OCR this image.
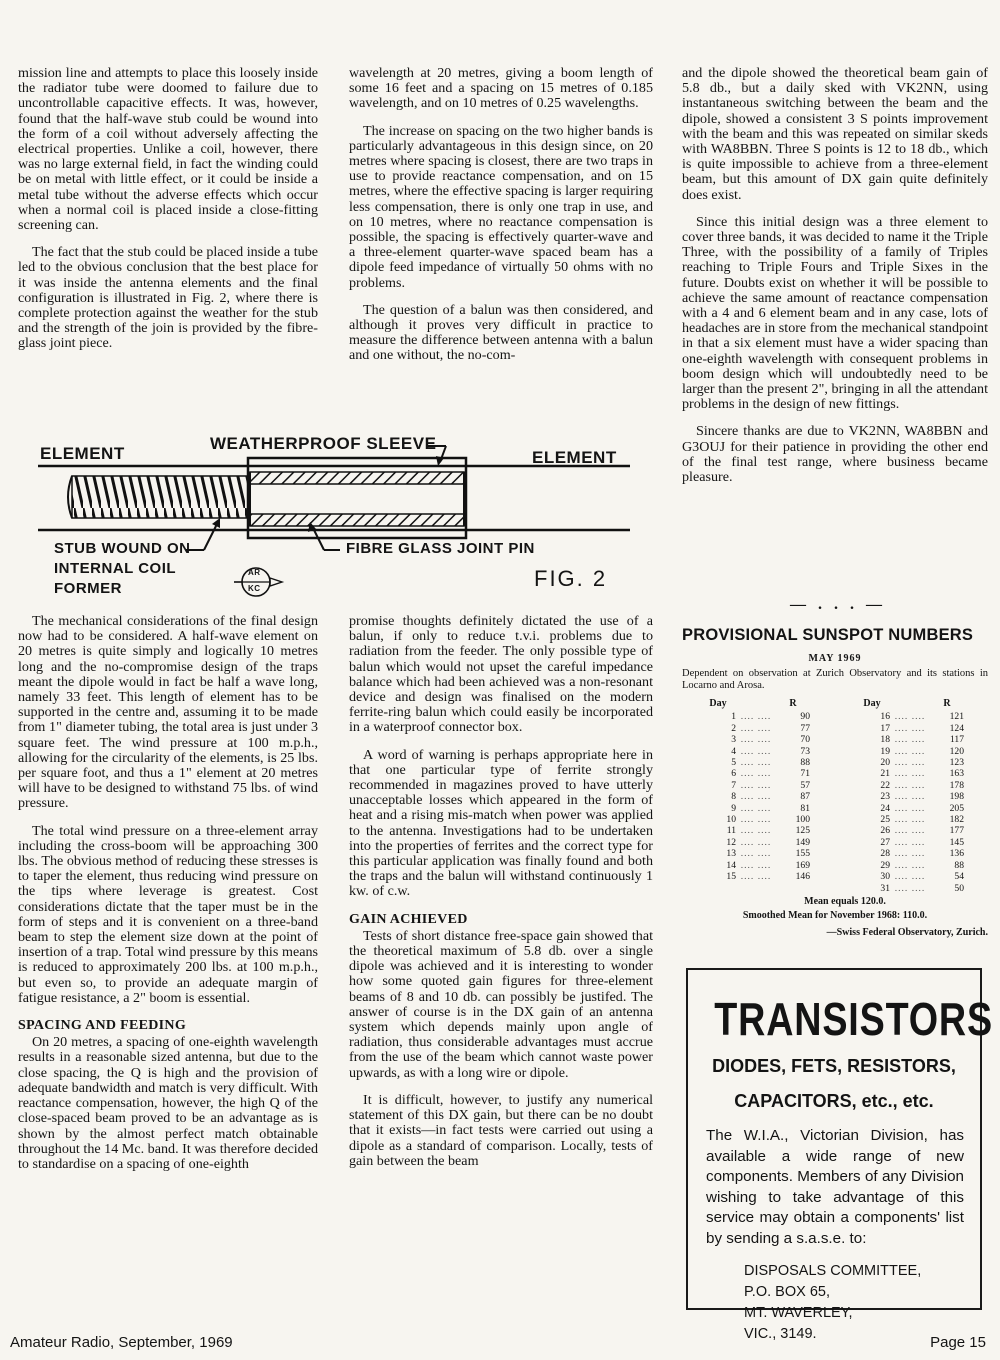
mission line and attempts to place this loosely inside the radiator tube were doomed to failure due to uncontrollable capacitive effects. It was, however, found that the half-wave stub could be wound into the form of a coil without adversely affecting the electrical properties. Unlike a coil, however, there was no large external field, in fact the winding could be on metal with little effect, or it could be inside a metal tube without the adverse effects which occur when a normal coil is placed inside a close-fitting screening can.

The fact that the stub could be placed inside a tube led to the obvious conclusion that the best place for it was inside the antenna elements and the final configuration is illustrated in Fig. 2, where there is complete protection against the weather for the stub and the strength of the join is provided by the fibre-glass joint piece.

wavelength at 20 metres, giving a boom length of some 16 feet and a spacing on 15 metres of 0.185 wavelength, and on 10 metres of 0.25 wavelengths.

The increase on spacing on the two higher bands is particularly advantageous in this design since, on 20 metres where spacing is closest, there are two traps in use to provide reactance compensation, and on 15 metres, where the effective spacing is larger requiring less compensation, there is only one trap in use, and on 10 metres, where no reactance compensation is possible, the spacing is effectively quarter-wave and a three-element quarter-wave spaced beam has a dipole feed impedance of virtually 50 ohms with no problems.

The question of a balun was then considered, and although it proves very difficult in practice to measure the difference between antenna with a balun and one without, the no-com-

and the dipole showed the theoretical beam gain of 5.8 db., but a daily sked with VK2NN, using instantaneous switching between the beam and the dipole, showed a consistent 3 S points improvement with the beam and this was repeated on similar skeds with WA8BBN. Three S points is 12 to 18 db., which is quite impossible to achieve from a three-element beam, but this amount of DX gain quite definitely does exist.

Since this initial design was a three element to cover three bands, it was decided to name it the Triple Three, with the possibility of a family of Triples reaching to Triple Fours and Triple Sixes in the future. Doubts exist on whether it will be possible to achieve the same amount of reactance compensation with a 4 and 6 element beam and in any case, lots of headaches are in store from the mechanical standpoint in that a six element must have a wider spacing than one-eighth wavelength with consequent problems in boom design which will undoubtedly need to be larger than the present 2", bringing in all the attendant problems in the design of new fittings.

Sincere thanks are due to VK2NN, WA8BBN and G3OUJ for their patience in providing the other end of the final test range, where business became pleasure.

— . . . —
ELEMENT	ELEMENT
WEATHERPROOF SLEEVE
STUB WOUND ON
INTERNAL COIL
FORMER
FIBRE GLASS JOINT PIN
AR
KC	FIG. 2

The mechanical considerations of the final design now had to be considered. A half-wave element on 20 metres is quite simply and logically 10 metres long and the no-compromise design of the traps meant the dipole would in fact be half a wave long, namely 33 feet. This length of element has to be supported in the centre and, assuming it to be made from 1" diameter tubing, the total area is just under 3 square feet. The wind pressure at 100 m.p.h., allowing for the circularity of the elements, is 25 lbs. per square foot, and thus a 1" element at 20 metres will have to be designed to withstand 75 lbs. of wind pressure.

The total wind pressure on a three-element array including the cross-boom will be approaching 300 lbs. The obvious method of reducing these stresses is to taper the element, thus reducing wind pressure on the tips where leverage is greatest. Cost considerations dictate that the taper must be in the form of steps and it is convenient on a three-band beam to step the element size down at the point of insertion of a trap. Total wind pressure by this means is reduced to approximately 200 lbs. at 100 m.p.h., but even so, to provide an adequate margin of fatigue resistance, a 2" boom is essential.

SPACING AND FEEDING

On 20 metres, a spacing of one-eighth wavelength results in a reasonable sized antenna, but due to the close spacing, the Q is high and the provision of adequate bandwidth and match is very difficult. With reactance compensation, however, the high Q of the close-spaced beam proved to be an advantage as is shown by the almost perfect match obtainable throughout the 14 Mc. band. It was therefore decided to standardise on a spacing of one-eighth

promise thoughts definitely dictated the use of a balun, if only to reduce t.v.i. problems due to radiation from the feeder. The only possible type of balun which would not upset the careful impedance balance which had been achieved was a non-resonant device and design was finalised on the modern ferrite-ring balun which could easily be incorporated in a waterproof connector box.

A word of warning is perhaps appropriate here in that one particular type of ferrite strongly recommended in magazines proved to have utterly unacceptable losses which appeared in the form of heat and a rising mis-match when power was applied to the antenna. Investigations had to be undertaken into the properties of ferrites and the correct type for this particular application was finally found and both the traps and the balun will withstand continuously 1 kw. of c.w.

GAIN ACHIEVED

Tests of short distance free-space gain showed that the theoretical maximum of 5.8 db. over a single dipole was achieved and it is interesting to wonder how some quoted gain figures for three-element beams of 8 and 10 db. can possibly be justifed. The answer of course is in the DX gain of an antenna system which depends mainly upon angle of radiation, thus considerable advantages must accrue from the use of the beam which cannot waste power upwards, as with a long wire or dipole.

It is difficult, however, to justify any numerical statement of this DX gain, but there can be no doubt that it exists—in fact tests were carried out using a dipole as a standard of comparison. Locally, tests of gain between the beam

PROVISIONAL SUNSPOT NUMBERS
MAY 1969
Dependent on observation at Zurich Observatory and its stations in Locarno and Arosa.
Day		R		Day		R
1	.... ....	90		16	.... ....	121
2	.... ....	77		17	.... ....	124
3	.... ....	70		18	.... ....	117
4	.... ....	73		19	.... ....	120
5	.... ....	88		20	.... ....	123
6	.... ....	71		21	.... ....	163
7	.... ....	57		22	.... ....	178
8	.... ....	87		23	.... ....	198
9	.... ....	81		24	.... ....	205
10	.... ....	100		25	.... ....	182
11	.... ....	125		26	.... ....	177
12	.... ....	149		27	.... ....	145
13	.... ....	155		28	.... ....	136
14	.... ....	169		29	.... ....	88
15	.... ....	146		30	.... ....	54
				31	.... ....	50
Mean equals 120.0.
Smoothed Mean for November 1968: 110.0.
—Swiss Federal Observatory, Zurich.
TRANSISTORS
DIODES, FETS, RESISTORS,
CAPACITORS, etc., etc.
The W.I.A., Victorian Division, has available a wide range of new components. Members of any Division wishing to take advantage of this service may obtain a components' list by sending a s.a.s.e. to:
DISPOSALS COMMITTEE,
P.O. BOX 65,
MT. WAVERLEY,
VIC., 3149.
Amateur Radio, September, 1969	Page 15
